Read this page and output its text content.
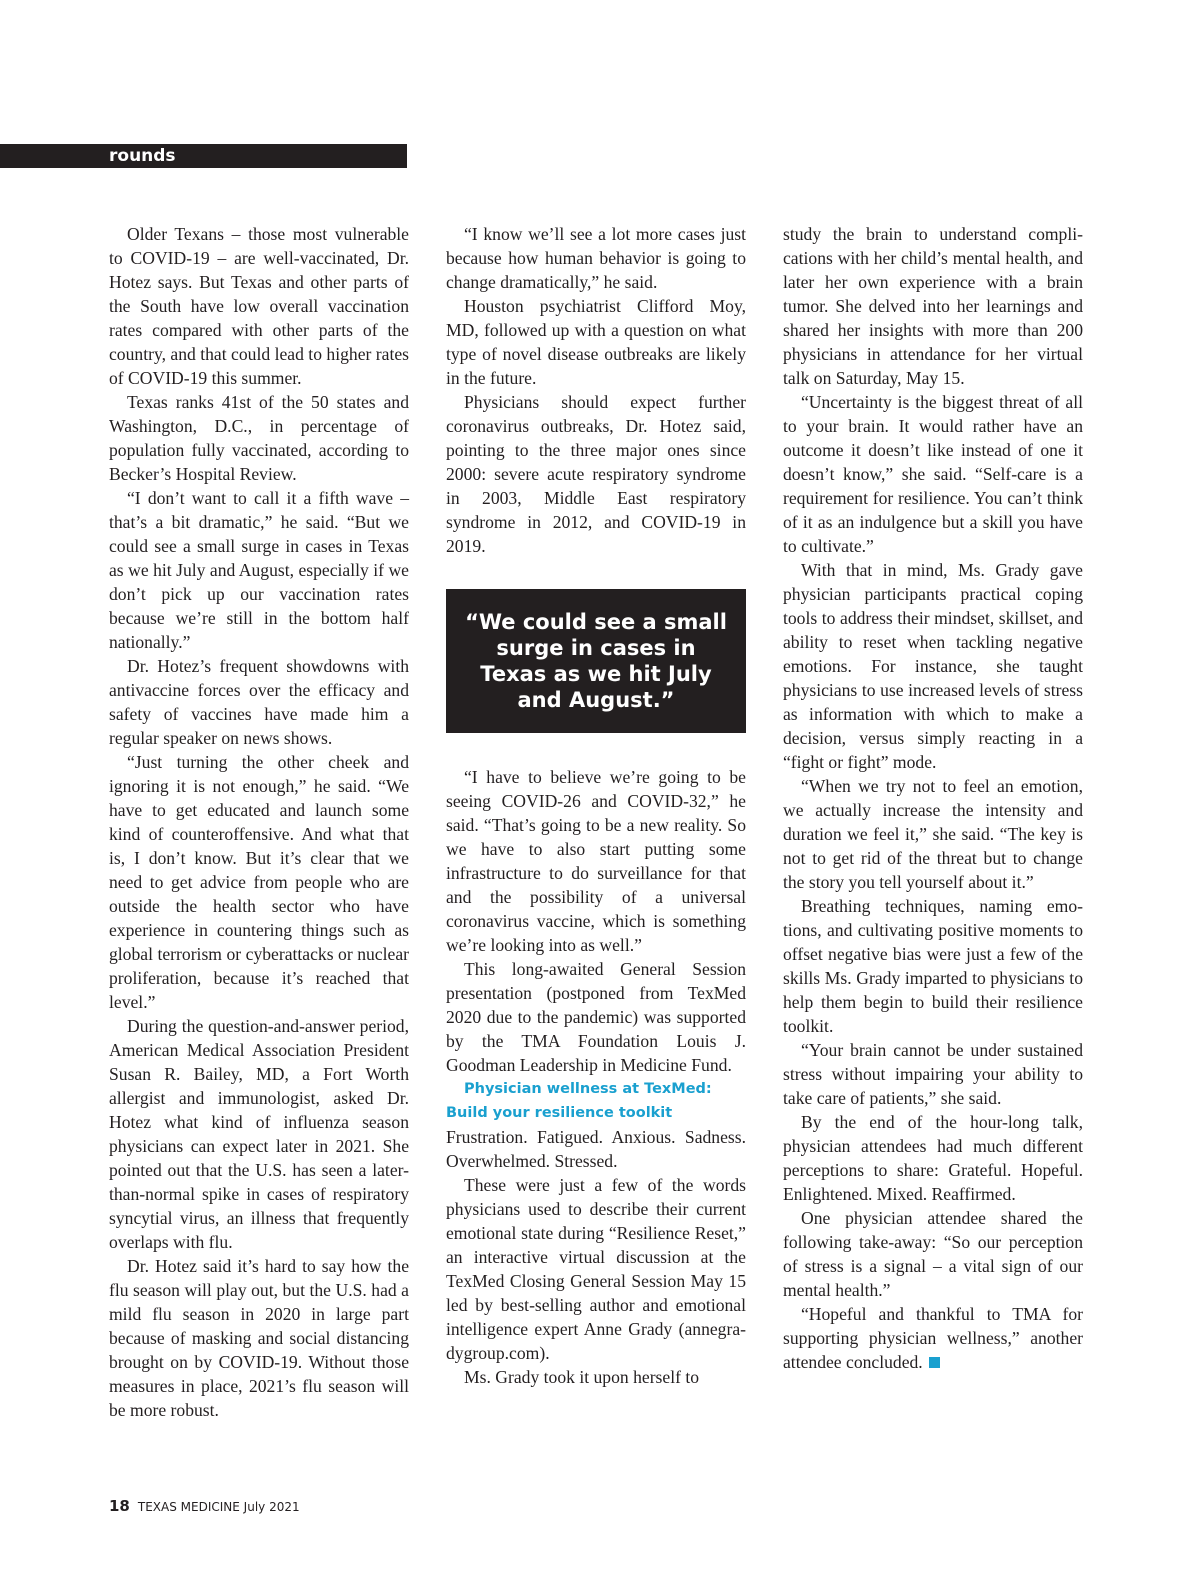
rounds

Older Texans – those most vulnerable to COVID-19 – are well-vaccinated, Dr. Hotez says. But Texas and other parts of the South have low overall vaccination rates compared with other parts of the country, and that could lead to higher rates of COVID-19 this summer.

Texas ranks 41st of the 50 states and Washington, D.C., in percentage of population fully vaccinated, according to Becker’s Hospital Review.

“I don’t want to call it a fifth wave – that’s a bit dramatic,” he said. “But we could see a small surge in cases in Texas as we hit July and August, especially if we don’t pick up our vaccination rates because we’re still in the bottom half nationally.”

Dr. Hotez’s frequent showdowns with antivaccine forces over the efficacy and safety of vaccines have made him a regular speaker on news shows.

“Just turning the other cheek and ignoring it is not enough,” he said. “We have to get educated and launch some kind of counteroffensive. And what that is, I don’t know. But it’s clear that we need to get advice from people who are outside the health sector who have experience in countering things such as global terrorism or cyberattacks or nuclear proliferation, because it’s reached that level.”

During the question-and-answer period, American Medical Association President Susan R. Bailey, MD, a Fort Worth allergist and immunologist, asked Dr. Hotez what kind of influenza season physicians can expect later in 2021. She pointed out that the U.S. has seen a later-than-normal spike in cases of respiratory syncytial virus, an illness that frequently overlaps with flu.

Dr. Hotez said it’s hard to say how the flu season will play out, but the U.S. had a mild flu season in 2020 in large part because of masking and social distancing brought on by COVID-19. Without those measures in place, 2021’s flu season will be more robust.

“I know we’ll see a lot more cases just because how human behavior is going to change dramatically,” he said.

Houston psychiatrist Clifford Moy, MD, followed up with a question on what type of novel disease outbreaks are likely in the future.

Physicians should expect further coronavirus outbreaks, Dr. Hotez said, pointing to the three major ones since 2000: severe acute respiratory syndrome in 2003, Middle East respiratory syndrome in 2012, and COVID-19 in 2019.

“We could see a small surge in cases in Texas as we hit July and August.”

“I have to believe we’re going to be seeing COVID-26 and COVID-32,” he said. “That’s going to be a new reality. So we have to also start putting some infrastructure to do surveillance for that and the possibility of a universal coronavirus vaccine, which is something we’re looking into as well.”

This long-awaited General Session presentation (postponed from TexMed 2020 due to the pandemic) was supported by the TMA Foundation Louis J. Goodman Leadership in Medicine Fund.

Physician wellness at TexMed: Build your resilience toolkit

Frustration. Fatigued. Anxious. Sadness. Overwhelmed. Stressed.

These were just a few of the words physicians used to describe their current emotional state during “Resilience Reset,” an interactive virtual discussion at the TexMed Closing General Session May 15 led by best-selling author and emotional intelligence expert Anne Grady (annegradygroup.com).

Ms. Grady took it upon herself to

study the brain to understand complications with her child’s mental health, and later her own experience with a brain tumor. She delved into her learnings and shared her insights with more than 200 physicians in attendance for her virtual talk on Saturday, May 15.

“Uncertainty is the biggest threat of all to your brain. It would rather have an outcome it doesn’t like instead of one it doesn’t know,” she said. “Self-care is a requirement for resilience. You can’t think of it as an indulgence but a skill you have to cultivate.”

With that in mind, Ms. Grady gave physician participants practical coping tools to address their mindset, skillset, and ability to reset when tackling negative emotions. For instance, she taught physicians to use increased levels of stress as information with which to make a decision, versus simply reacting in a “fight or fight” mode.

“When we try not to feel an emotion, we actually increase the intensity and duration we feel it,” she said. “The key is not to get rid of the threat but to change the story you tell yourself about it.”

Breathing techniques, naming emotions, and cultivating positive moments to offset negative bias were just a few of the skills Ms. Grady imparted to physicians to help them begin to build their resilience toolkit.

“Your brain cannot be under sustained stress without impairing your ability to take care of patients,” she said.

By the end of the hour-long talk, physician attendees had much different perceptions to share: Grateful. Hopeful. Enlightened. Mixed. Reaffirmed.

One physician attendee shared the following take-away: “So our perception of stress is a signal – a vital sign of our mental health.”

“Hopeful and thankful to TMA for supporting physician wellness,” another attendee concluded.

18 TEXAS MEDICINE July 2021
